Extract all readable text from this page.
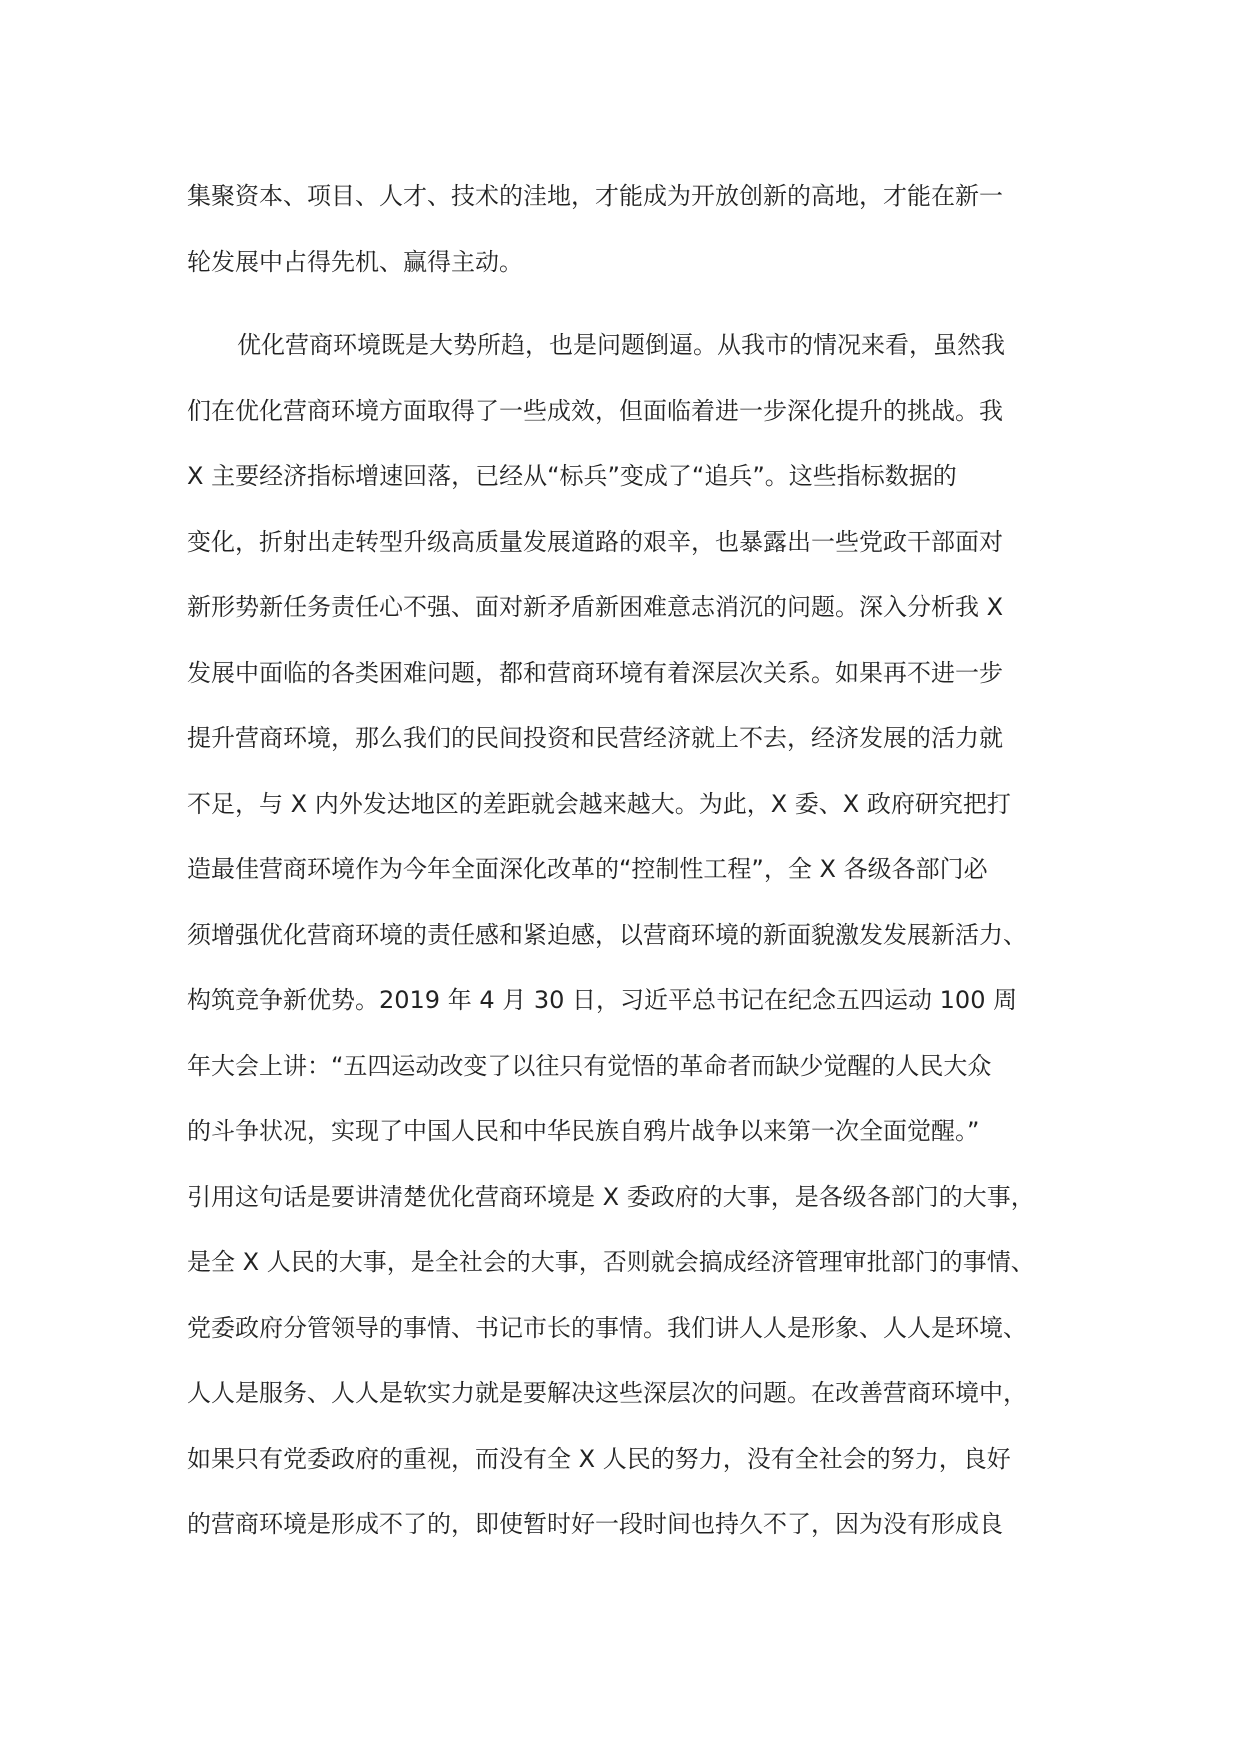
集聚资本、项目、人才、技术的洼地，才能成为开放创新的高地，才能在新一
轮发展中占得先机、赢得主动。
优化营商环境既是大势所趋，也是问题倒逼。从我市的情况来看，虽然我
们在优化营商环境方面取得了一些成效，但面临着进一步深化提升的挑战。我
X 主要经济指标增速回落，已经从“标兵”变成了“追兵”。这些指标数据的
变化，折射出走转型升级高质量发展道路的艰辛，也暴露出一些党政干部面对
新形势新任务责任心不强、面对新矛盾新困难意志消沉的问题。深入分析我 X
发展中面临的各类困难问题，都和营商环境有着深层次关系。如果再不进一步
提升营商环境，那么我们的民间投资和民营经济就上不去，经济发展的活力就
不足，与 X 内外发达地区的差距就会越来越大。为此，X 委、X 政府研究把打
造最佳营商环境作为今年全面深化改革的“控制性工程”，全 X 各级各部门必
须增强优化营商环境的责任感和紧迫感，以营商环境的新面貌激发发展新活力、
构筑竞争新优势。2019 年 4 月 30 日，习近平总书记在纪念五四运动 100 周
年大会上讲：“五四运动改变了以往只有觉悟的革命者而缺少觉醒的人民大众
的斗争状况，实现了中国人民和中华民族自鸦片战争以来第一次全面觉醒。”
引用这句话是要讲清楚优化营商环境是 X 委政府的大事，是各级各部门的大事，
是全 X 人民的大事，是全社会的大事，否则就会搞成经济管理审批部门的事情、
党委政府分管领导的事情、书记市长的事情。我们讲人人是形象、人人是环境、
人人是服务、人人是软实力就是要解决这些深层次的问题。在改善营商环境中，
如果只有党委政府的重视，而没有全 X 人民的努力，没有全社会的努力，良好
的营商环境是形成不了的，即使暂时好一段时间也持久不了，因为没有形成良
